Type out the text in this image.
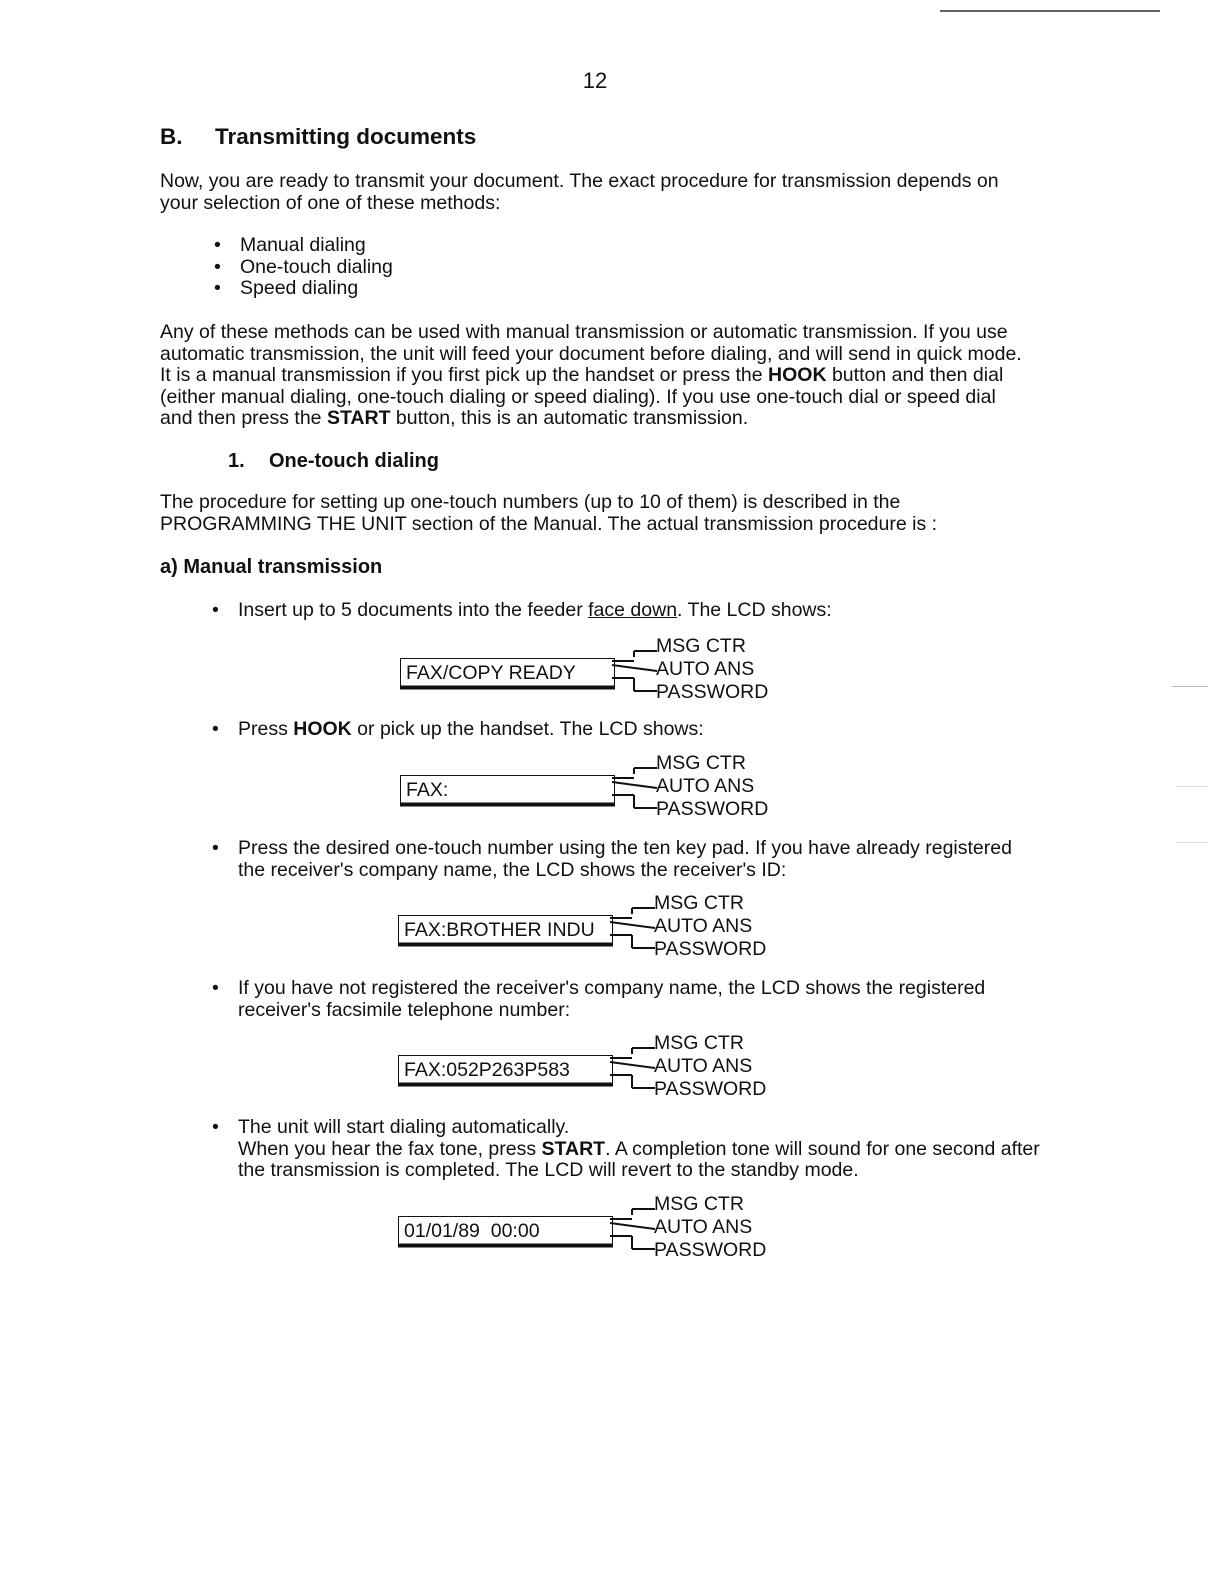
12
B. Transmitting documents
Now, you are ready to transmit your document. The exact procedure for transmission depends on your selection of one of these methods:
• Manual dialing
• One-touch dialing
• Speed dialing
Any of these methods can be used with manual transmission or automatic transmission. If you use automatic transmission, the unit will feed your document before dialing, and will send in quick mode. It is a manual transmission if you first pick up the handset or press the HOOK button and then dial (either manual dialing, one-touch dialing or speed dialing). If you use one-touch dial or speed dial and then press the START button, this is an automatic transmission.
1. One-touch dialing
The procedure for setting up one-touch numbers (up to 10 of them) is described in the PROGRAMMING THE UNIT section of the Manual. The actual transmission procedure is :
a) Manual transmission
• Insert up to 5 documents into the feeder face down. The LCD shows:
FAX/COPY READY
MSG CTR
AUTO ANS
PASSWORD
• Press HOOK or pick up the handset. The LCD shows:
FAX:
MSG CTR
AUTO ANS
PASSWORD
• Press the desired one-touch number using the ten key pad. If you have already registered the receiver's company name, the LCD shows the receiver's ID:
FAX:BROTHER INDU
MSG CTR
AUTO ANS
PASSWORD
• If you have not registered the receiver's company name, the LCD shows the registered receiver's facsimile telephone number:
FAX:052P263P583
MSG CTR
AUTO ANS
PASSWORD
• The unit will start dialing automatically.
When you hear the fax tone, press START. A completion tone will sound for one second after the transmission is completed. The LCD will revert to the standby mode.
01/01/89  00:00
MSG CTR
AUTO ANS
PASSWORD
